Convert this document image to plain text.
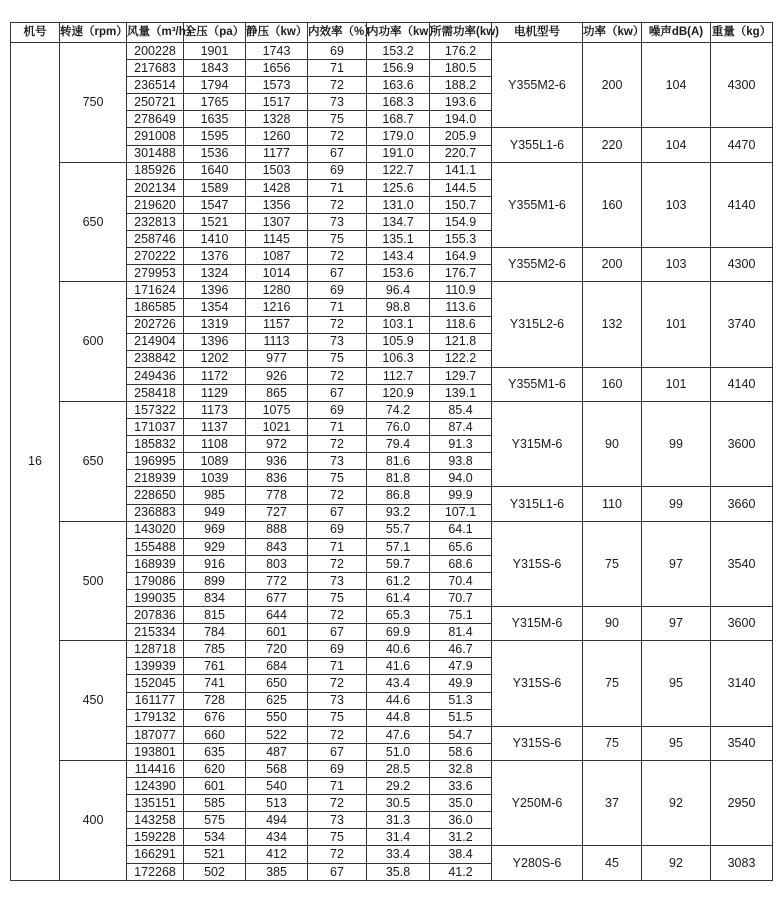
机号	转速（rpm）	风量（m³/h）	全压（pa）	静压（kw）	内效率（%）	内功率（kw）	所需功率(kw)	电机型号	功率（kw）	噪声dB(A)	重量（kg）
16	750	200228	1901	1743	69	153.2	176.2	Y355M2-6	200	104	4300
		217683	1843	1656	71	156.9	180.5				
		236514	1794	1573	72	163.6	188.2				
		250721	1765	1517	73	168.3	193.6				
		278649	1635	1328	75	168.7	194.0				
		291008	1595	1260	72	179.0	205.9	Y355L1-6	220	104	4470
		301488	1536	1177	67	191.0	220.7				
	650	185926	1640	1503	69	122.7	141.1	Y355M1-6	160	103	4140
		202134	1589	1428	71	125.6	144.5				
		219620	1547	1356	72	131.0	150.7				
		232813	1521	1307	73	134.7	154.9				
		258746	1410	1145	75	135.1	155.3				
		270222	1376	1087	72	143.4	164.9	Y355M2-6	200	103	4300
		279953	1324	1014	67	153.6	176.7				
	600	171624	1396	1280	69	96.4	110.9	Y315L2-6	132	101	3740
		186585	1354	1216	71	98.8	113.6				
		202726	1319	1157	72	103.1	118.6				
		214904	1396	1113	73	105.9	121.8				
		238842	1202	977	75	106.3	122.2				
		249436	1172	926	72	112.7	129.7	Y355M1-6	160	101	4140
		258418	1129	865	67	120.9	139.1				
	650	157322	1173	1075	69	74.2	85.4	Y315M-6	90	99	3600
		171037	1137	1021	71	76.0	87.4				
		185832	1108	972	72	79.4	91.3				
		196995	1089	936	73	81.6	93.8				
		218939	1039	836	75	81.8	94.0				
		228650	985	778	72	86.8	99.9	Y315L1-6	110	99	3660
		236883	949	727	67	93.2	107.1				
	500	143020	969	888	69	55.7	64.1	Y315S-6	75	97	3540
		155488	929	843	71	57.1	65.6				
		168939	916	803	72	59.7	68.6				
		179086	899	772	73	61.2	70.4				
		199035	834	677	75	61.4	70.7				
		207836	815	644	72	65.3	75.1	Y315M-6	90	97	3600
		215334	784	601	67	69.9	81.4				
	450	128718	785	720	69	40.6	46.7	Y315S-6	75	95	3140
		139939	761	684	71	41.6	47.9				
		152045	741	650	72	43.4	49.9				
		161177	728	625	73	44.6	51.3				
		179132	676	550	75	44.8	51.5				
		187077	660	522	72	47.6	54.7	Y315S-6	75	95	3540
		193801	635	487	67	51.0	58.6				
	400	114416	620	568	69	28.5	32.8	Y250M-6	37	92	2950
		124390	601	540	71	29.2	33.6				
		135151	585	513	72	30.5	35.0				
		143258	575	494	73	31.3	36.0				
		159228	534	434	75	31.4	31.2				
		166291	521	412	72	33.4	38.4	Y280S-6	45	92	3083
		172268	502	385	67	35.8	41.2				
